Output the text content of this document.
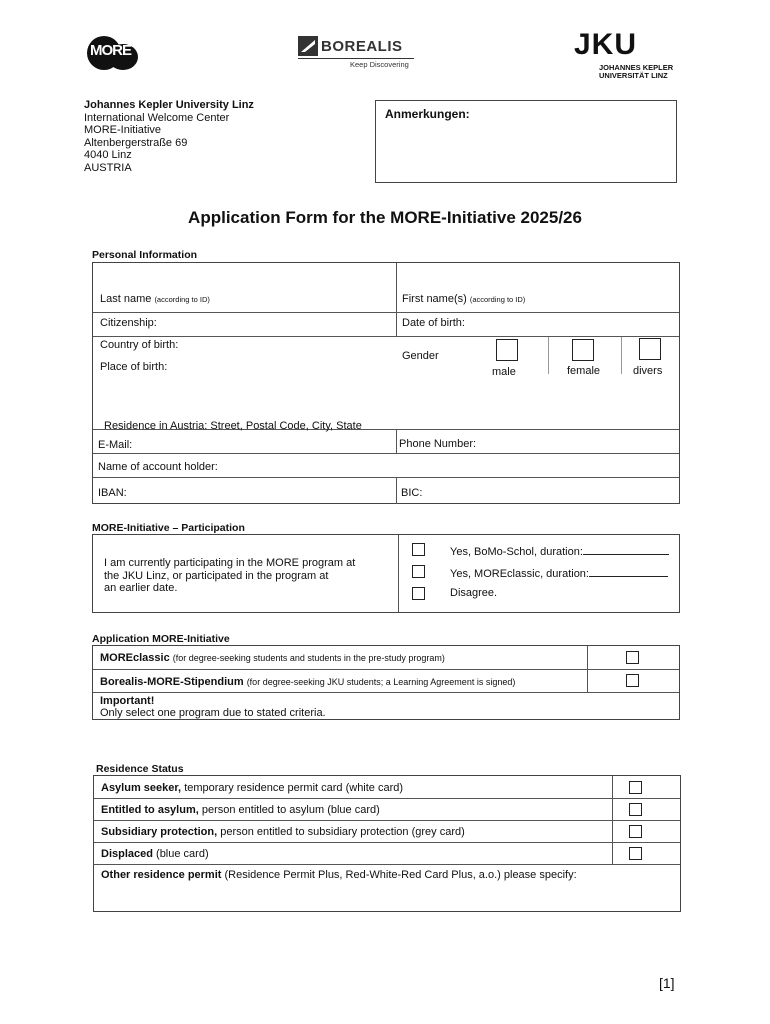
MORE	BOREALIS
Keep Discovering
JKU
JOHANNES KEPLER
UNIVERSITÄT LINZ
Johannes Kepler University Linz
International Welcome Center
MORE-Initiative
Altenbergerstraße 69
4040 Linz
AUSTRIA
Anmerkungen:
Application Form for the MORE-Initiative 2025/26
Personal Information
Last name (according to ID)	First name(s) (according to ID)
Citizenship:	Date of birth:
Country of birth:
Place of birth:
Gender
male	female	divers
Residence in Austria: Street, Postal Code, City, State
E-Mail:	Phone Number:
Name of account holder:
IBAN:	BIC:
MORE-Initiative – Participation
I am currently participating in the MORE program at
the JKU Linz, or participated in the program at
an earlier date.
Yes, BoMo-Schol, duration:
Yes, MOREclassic, duration:
Disagree.
Application MORE-Initiative
MOREclassic (for degree-seeking students and students in the pre-study program)
Borealis-MORE-Stipendium (for degree-seeking JKU students; a Learning Agreement is signed)
Important!
Only select one program due to stated criteria.
Residence Status
Asylum seeker, temporary residence permit card (white card)
Entitled to asylum, person entitled to asylum (blue card)
Subsidiary protection, person entitled to subsidiary protection (grey card)
Displaced (blue card)
Other residence permit (Residence Permit Plus, Red-White-Red Card Plus, a.o.) please specify:
[1]
